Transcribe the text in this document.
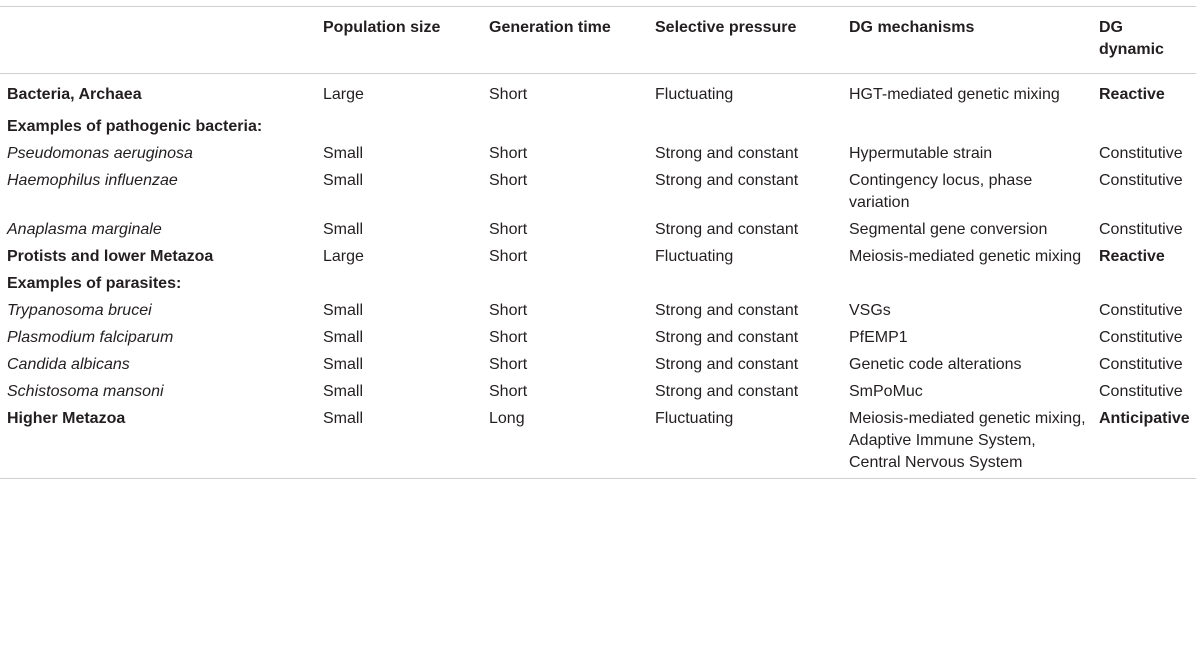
	Population size	Generation time	Selective pressure	DG mechanisms	DG dynamic
Bacteria, Archaea	Large	Short	Fluctuating	HGT-mediated genetic mixing	Reactive
Examples of pathogenic bacteria:					
Pseudomonas aeruginosa	Small	Short	Strong and constant	Hypermutable strain	Constitutive
Haemophilus influenzae	Small	Short	Strong and constant	Contingency locus, phase variation	Constitutive
Anaplasma marginale	Small	Short	Strong and constant	Segmental gene conversion	Constitutive
Protists and lower Metazoa	Large	Short	Fluctuating	Meiosis-mediated genetic mixing	Reactive
Examples of parasites:					
Trypanosoma brucei	Small	Short	Strong and constant	VSGs	Constitutive
Plasmodium falciparum	Small	Short	Strong and constant	PfEMP1	Constitutive
Candida albicans	Small	Short	Strong and constant	Genetic code alterations	Constitutive
Schistosoma mansoni	Small	Short	Strong and constant	SmPoMuc	Constitutive
Higher Metazoa	Small	Long	Fluctuating	Meiosis-mediated genetic mixing, Adaptive Immune System, Central Nervous System	Anticipative
